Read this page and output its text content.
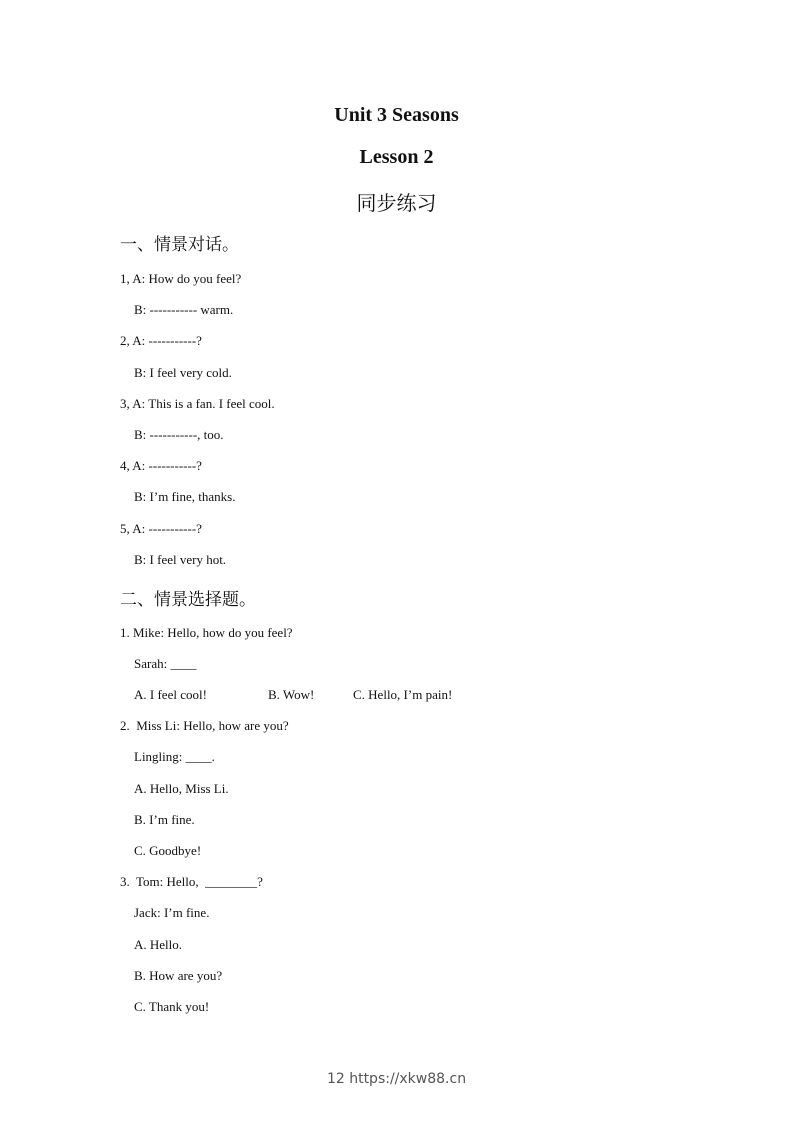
Unit 3 Seasons
Lesson 2
同步练习
一、情景对话。
1, A: How do you feel?
B: ----------- warm.
2, A: -----------?
B: I feel very cold.
3, A: This is a fan. I feel cool.
B: -----------, too.
4, A: -----------?
B: I’m fine, thanks.
5, A: -----------?
B: I feel very hot.
二、情景选择题。
1. Mike: Hello, how do you feel?
Sarah: ____
A. I feel cool!	B. Wow!	C. Hello, I’m pain!
2.  Miss Li: Hello, how are you?
Lingling: ____.
A. Hello, Miss Li.
B. I’m fine.
C. Goodbye!
3.  Tom: Hello,  ________?
Jack: I’m fine.
A. Hello.
B. How are you?
C. Thank you!
12 https://xkw88.cn
